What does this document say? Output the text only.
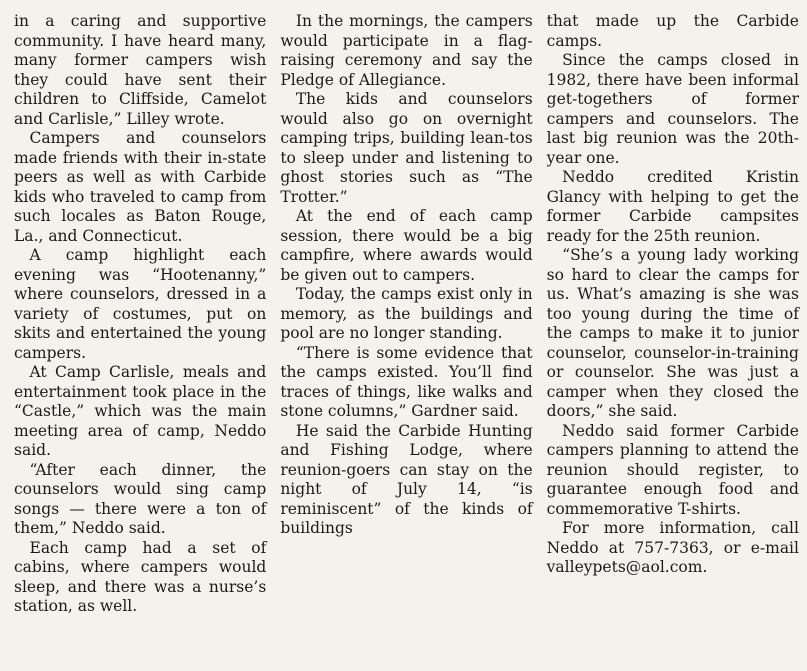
in a caring and supportive community. I have heard many, many former campers wish they could have sent their children to Cliffside, Camelot and Carlisle,” Lilley wrote.

Campers and counselors made friends with their in-state peers as well as with Carbide kids who traveled to camp from such locales as Baton Rouge, La., and Connecticut.

A camp highlight each evening was “Hootenanny,” where counselors, dressed in a variety of costumes, put on skits and entertained the young campers.

At Camp Carlisle, meals and entertainment took place in the “Castle,” which was the main meeting area of camp, Neddo said.

“After each dinner, the counselors would sing camp songs — there were a ton of them,” Neddo said.

Each camp had a set of cabins, where campers would sleep, and there was a nurse’s station, as well.

In the mornings, the campers would participate in a flag-raising ceremony and say the Pledge of Allegiance.

The kids and counselors would also go on overnight camping trips, building lean-tos to sleep under and listening to ghost stories such as “The Trotter.”

At the end of each camp session, there would be a big campfire, where awards would be given out to campers.

Today, the camps exist only in memory, as the buildings and pool are no longer standing.

“There is some evidence that the camps existed. You’ll find traces of things, like walks and stone columns,” Gardner said.

He said the Carbide Hunting and Fishing Lodge, where reunion-goers can stay on the night of July 14, “is reminiscent” of the kinds of buildings

that made up the Carbide camps.

Since the camps closed in 1982, there have been informal get-togethers of former campers and counselors. The last big reunion was the 20th-year one.

Neddo credited Kristin Glancy with helping to get the former Carbide campsites ready for the 25th reunion.

“She’s a young lady working so hard to clear the camps for us. What’s amazing is she was too young during the time of the camps to make it to junior counselor, counselor-in-training or counselor. She was just a camper when they closed the doors,” she said.

Neddo said former Carbide campers planning to attend the reunion should register, to guarantee enough food and commemorative T-shirts.

For more information, call Neddo at 757-7363, or e-mail valleypets@aol.com.
